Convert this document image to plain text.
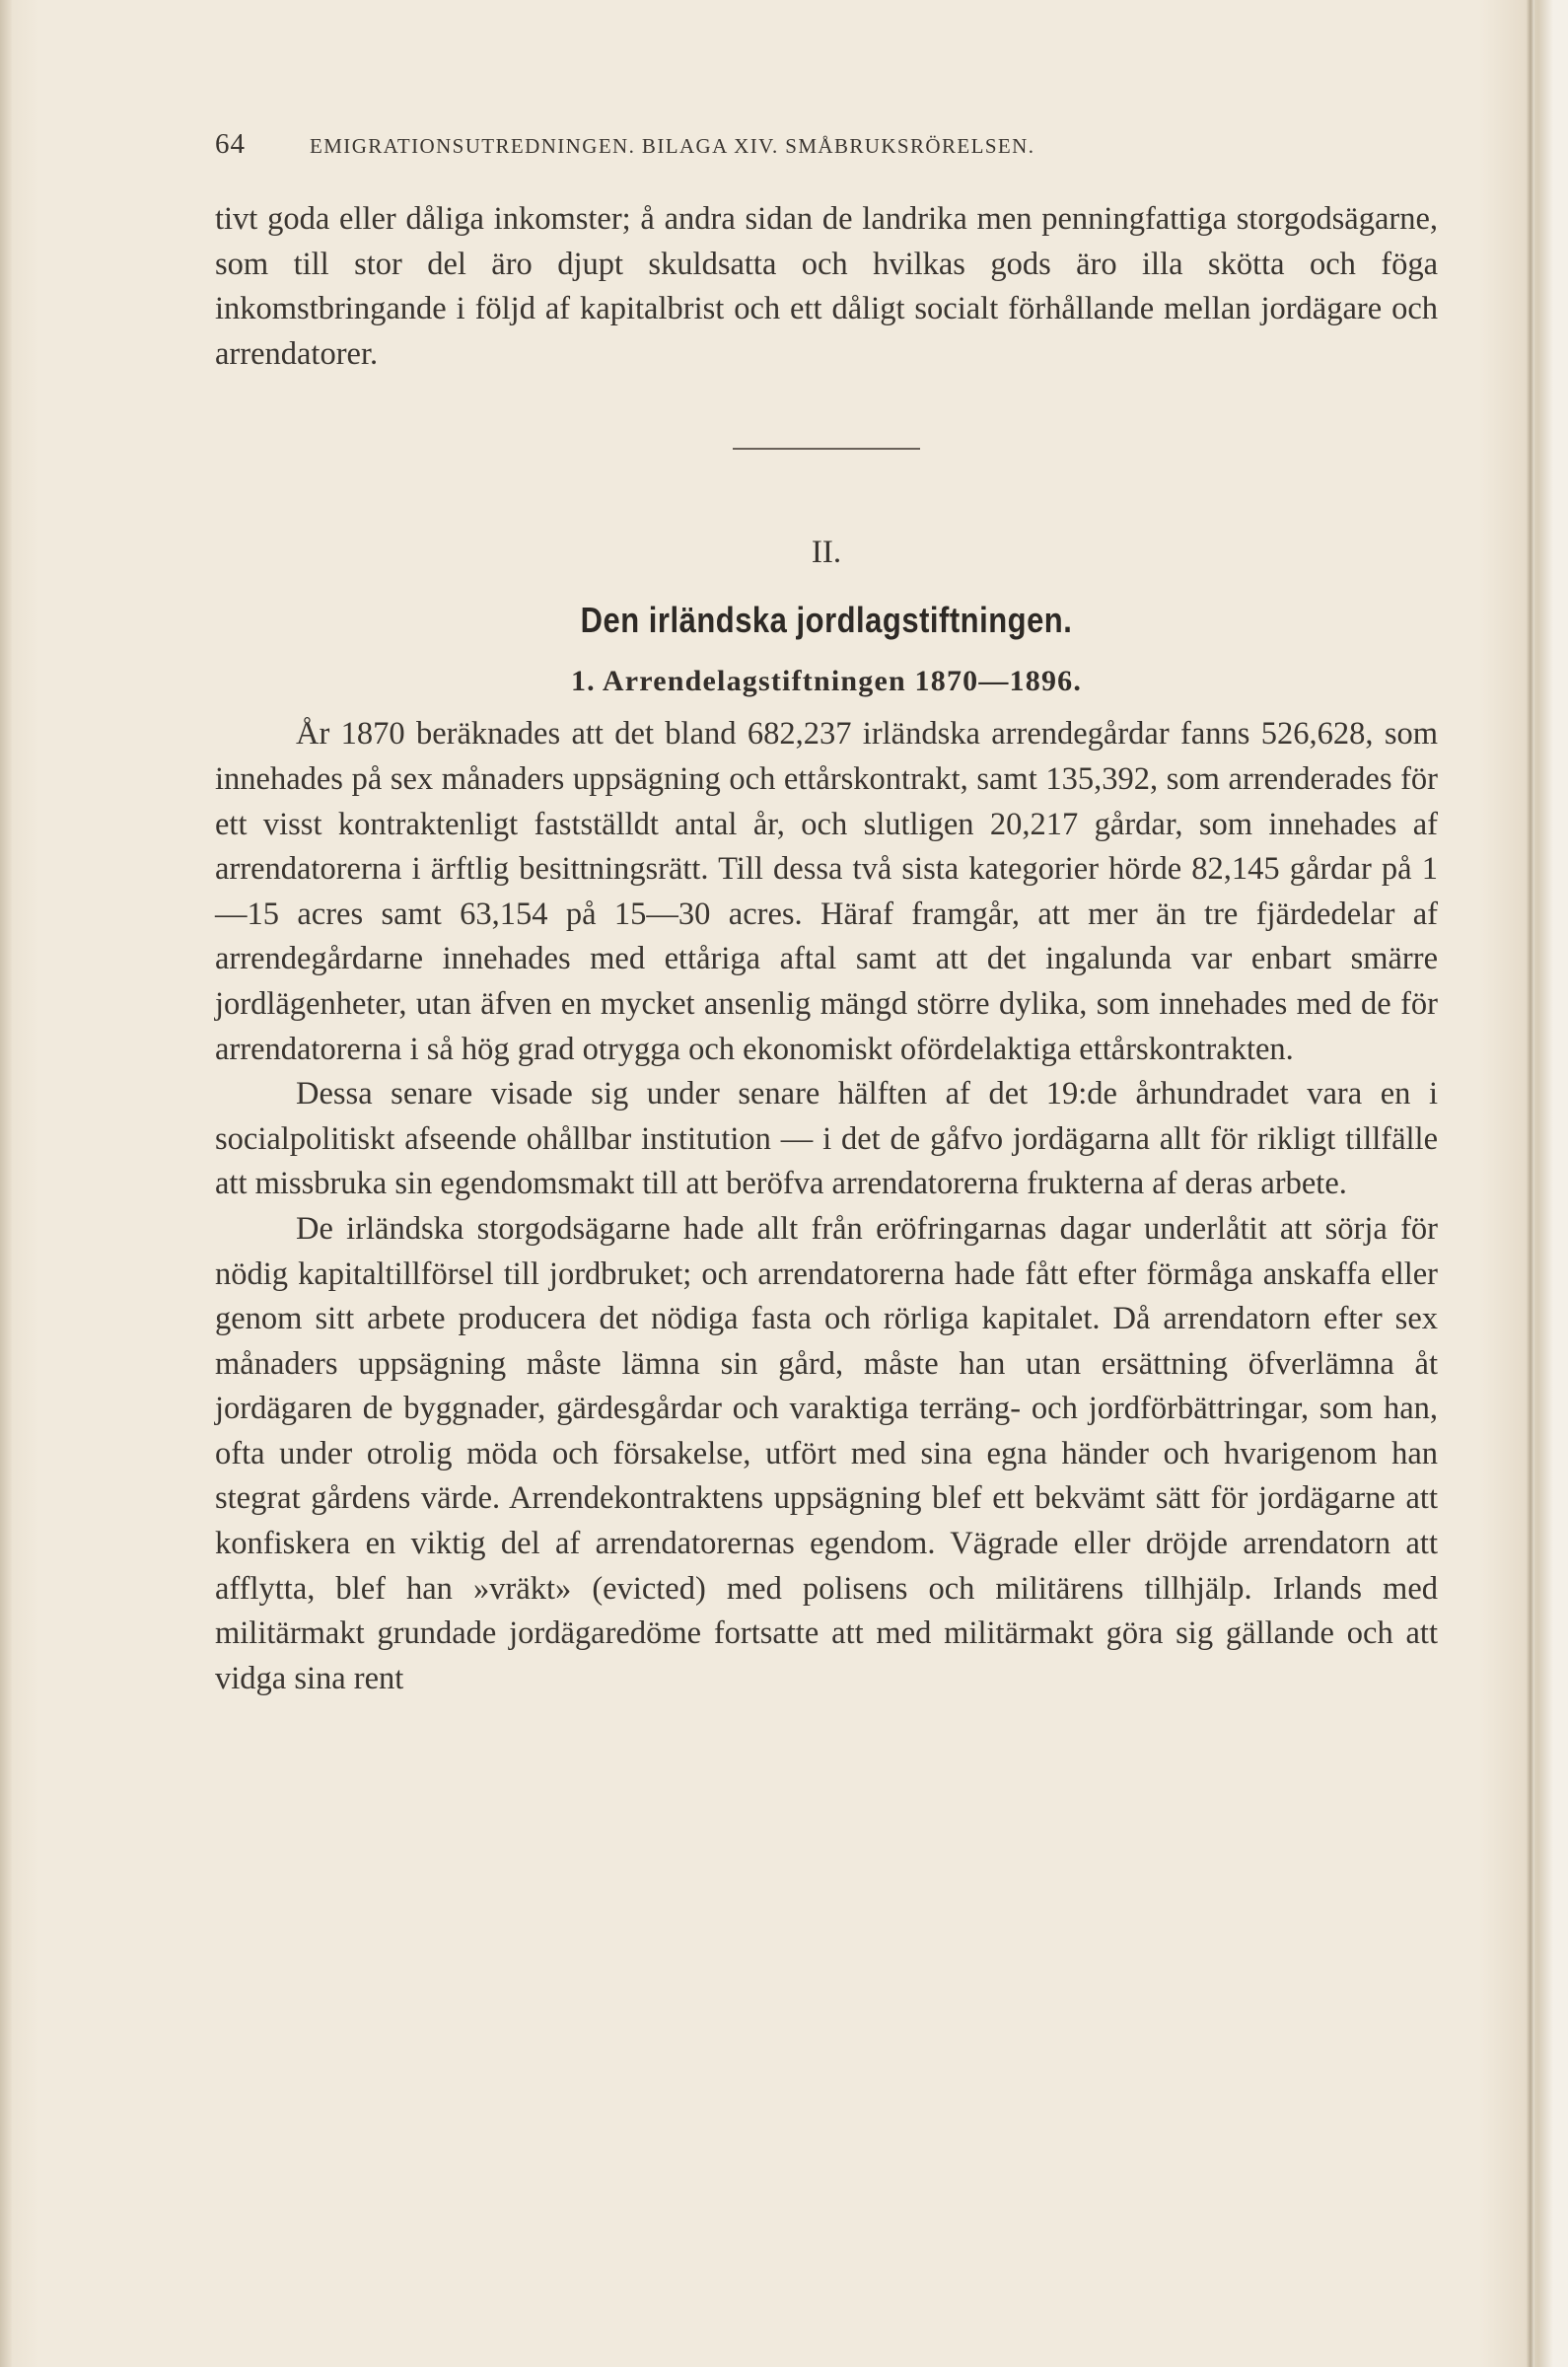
64	EMIGRATIONSUTREDNINGEN. BILAGA XIV. SMÅBRUKSRÖRELSEN.

tivt goda eller dåliga inkomster; å andra sidan de landrika men penningfattiga storgodsägarne, som till stor del äro djupt skuldsatta och hvilkas gods äro illa skötta och föga inkomstbringande i följd af kapitalbrist och ett dåligt socialt förhållande mellan jordägare och arrendatorer.

II.
Den irländska jordlagstiftningen.
1. Arrendelagstiftningen 1870—1896.

År 1870 beräknades att det bland 682,237 irländska arrendegårdar fanns 526,628, som innehades på sex månaders uppsägning och ettårskontrakt, samt 135,392, som arrenderades för ett visst kontraktenligt fastställdt antal år, och slutligen 20,217 gårdar, som innehades af arrendatorerna i ärftlig besittningsrätt. Till dessa två sista kategorier hörde 82,145 gårdar på 1—15 acres samt 63,154 på 15—30 acres. Häraf framgår, att mer än tre fjärdedelar af arrendegårdarne innehades med ettåriga aftal samt att det ingalunda var enbart smärre jordlägenheter, utan äfven en mycket ansenlig mängd större dylika, som innehades med de för arrendatorerna i så hög grad otrygga och ekonomiskt ofördelaktiga ettårskontrakten.

Dessa senare visade sig under senare hälften af det 19:de århundradet vara en i socialpolitiskt afseende ohållbar institution — i det de gåfvo jordägarna allt för rikligt tillfälle att missbruka sin egendomsmakt till att beröfva arrendatorerna frukterna af deras arbete.

De irländska storgodsägarne hade allt från eröfringarnas dagar underlåtit att sörja för nödig kapitaltillförsel till jordbruket; och arrendatorerna hade fått efter förmåga anskaffa eller genom sitt arbete producera det nödiga fasta och rörliga kapitalet. Då arrendatorn efter sex månaders uppsägning måste lämna sin gård, måste han utan ersättning öfverlämna åt jordägaren de byggnader, gärdesgårdar och varaktiga terräng- och jordförbättringar, som han, ofta under otrolig möda och försakelse, utfört med sina egna händer och hvarigenom han stegrat gårdens värde. Arrendekontraktens uppsägning blef ett bekvämt sätt för jordägarne att konfiskera en viktig del af arrendatorernas egendom. Vägrade eller dröjde arrendatorn att afflytta, blef han »vräkt» (evicted) med polisens och militärens tillhjälp. Irlands med militärmakt grundade jordägaredöme fortsatte att med militärmakt göra sig gällande och att vidga sina rent
